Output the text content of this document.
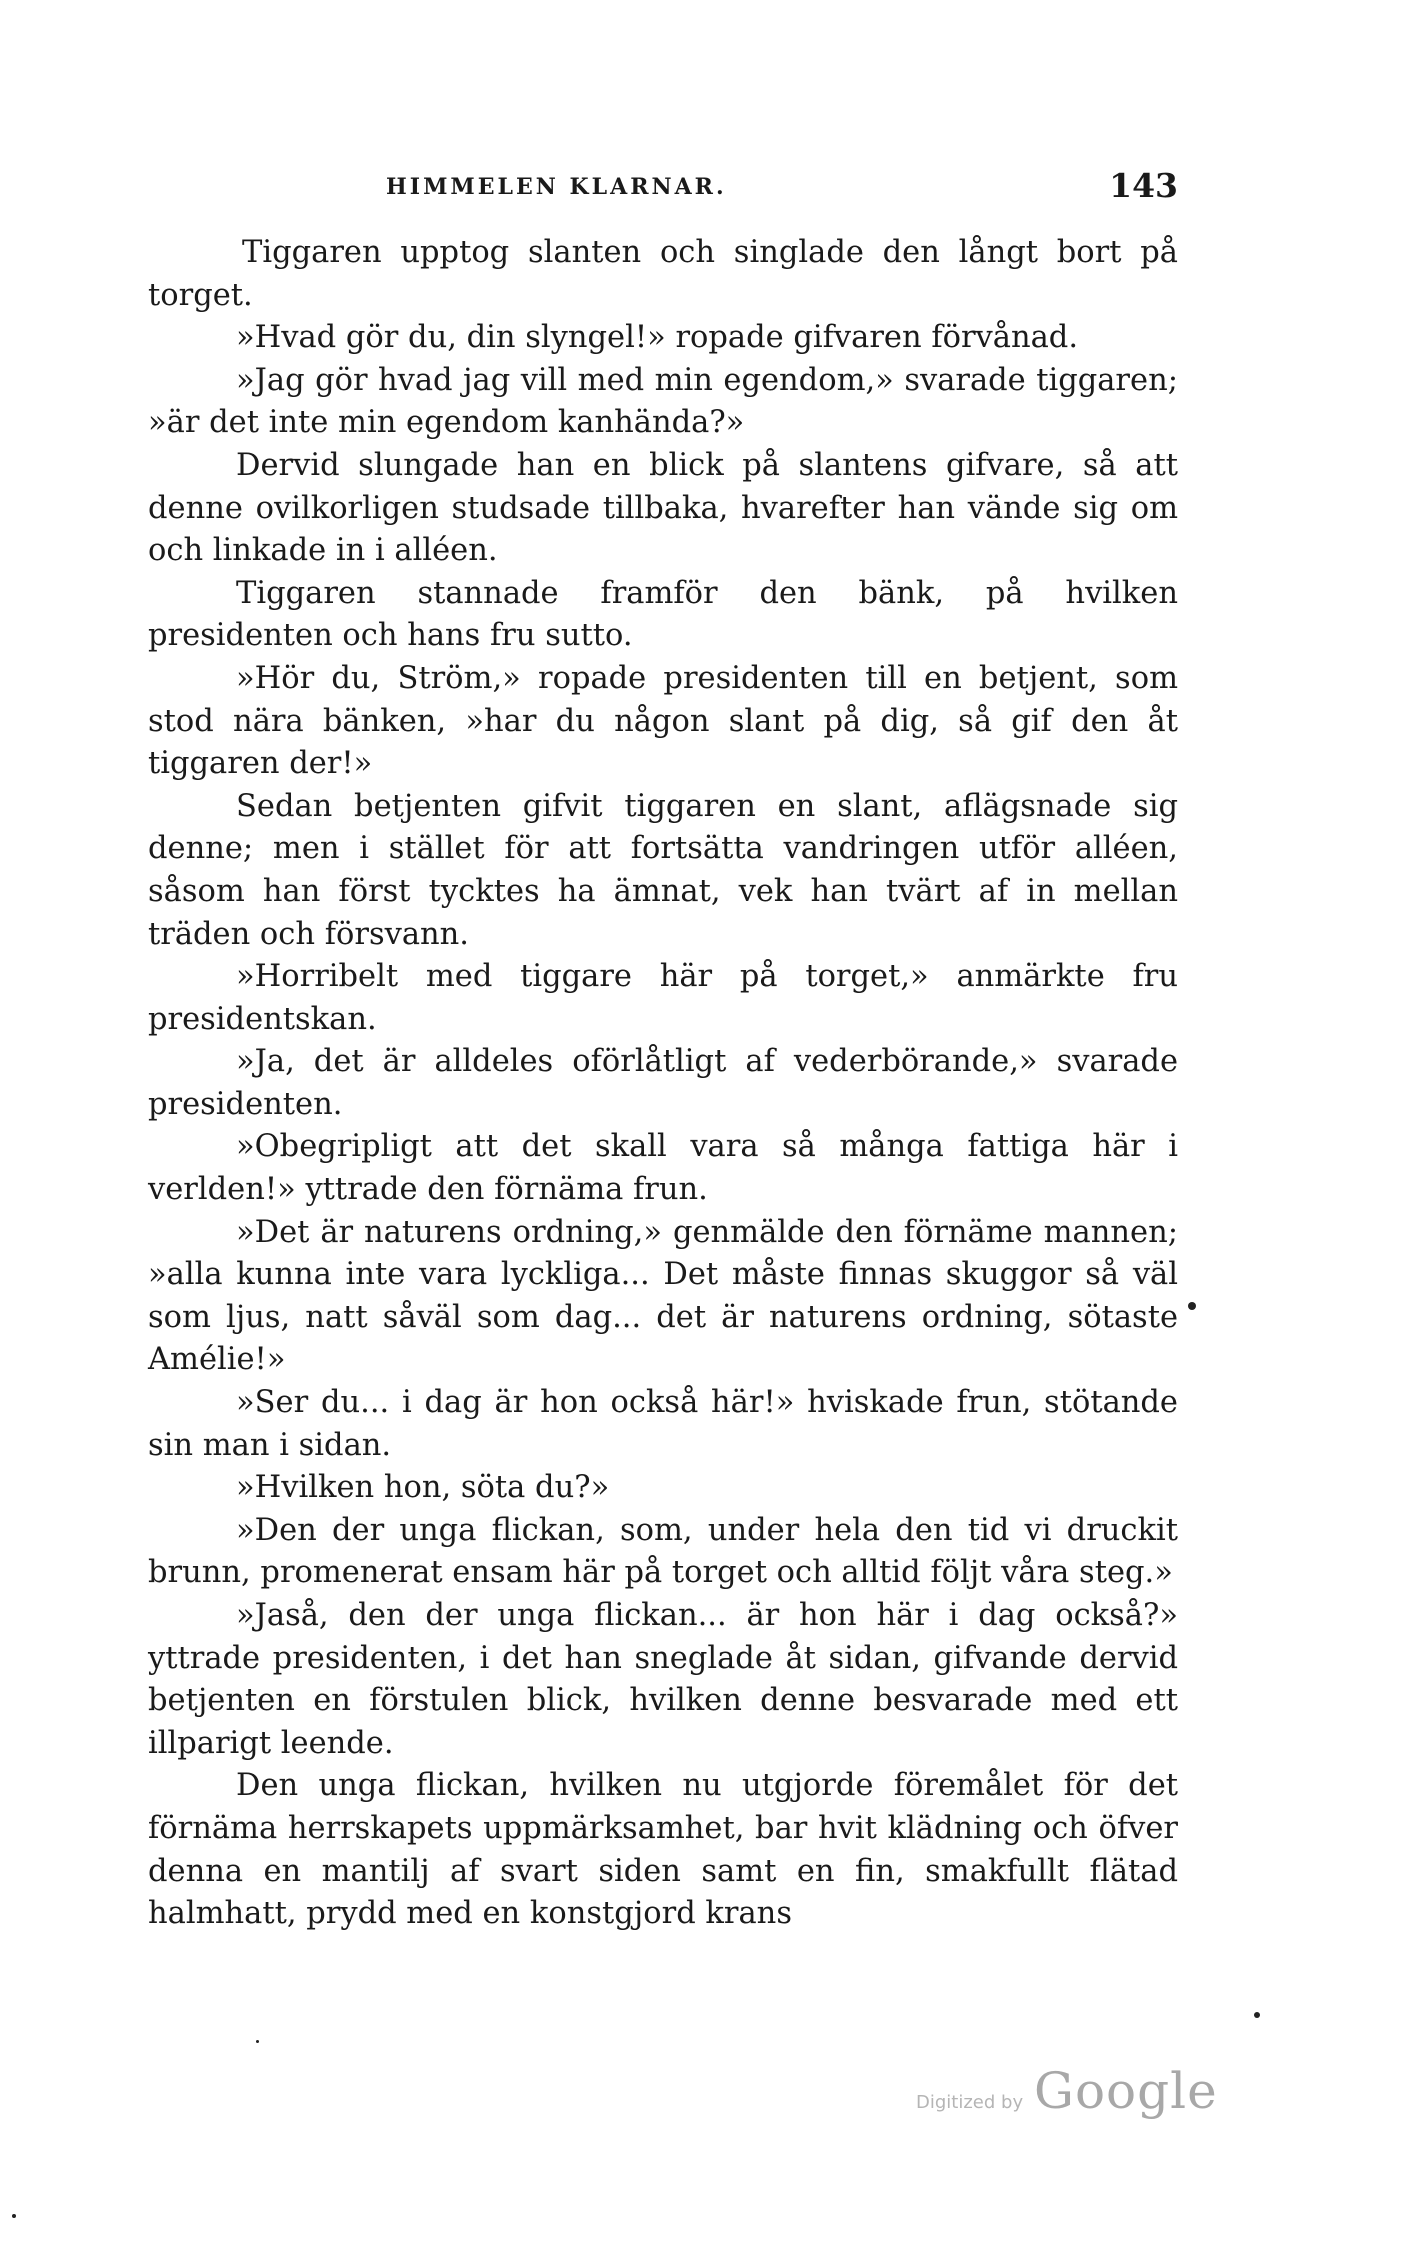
HIMMELEN KLARNAR.	143

Tiggaren upptog slanten och singlade den långt bort på torget.

»Hvad gör du, din slyngel!» ropade gifvaren förvånad.

»Jag gör hvad jag vill med min egendom,» svarade tiggaren; »är det inte min egendom kanhända?»

Dervid slungade han en blick på slantens gifvare, så att denne ovilkorligen studsade tillbaka, hvarefter han vände sig om och linkade in i alléen.

Tiggaren stannade framför den bänk, på hvilken presidenten och hans fru sutto.

»Hör du, Ström,» ropade presidenten till en betjent, som stod nära bänken, »har du någon slant på dig, så gif den åt tiggaren der!»

Sedan betjenten gifvit tiggaren en slant, aflägsnade sig denne; men i stället för att fortsätta vandringen utför alléen, såsom han först tycktes ha ämnat, vek han tvärt af in mellan träden och försvann.

»Horribelt med tiggare här på torget,» anmärkte fru presidentskan.

»Ja, det är alldeles oförlåtligt af vederbörande,» svarade presidenten.

»Obegripligt att det skall vara så många fattiga här i verlden!» yttrade den förnäma frun.

»Det är naturens ordning,» genmälde den förnäme mannen; »alla kunna inte vara lyckliga... Det måste finnas skuggor så väl som ljus, natt såväl som dag... det är naturens ordning, sötaste Amélie!»

»Ser du... i dag är hon också här!» hviskade frun, stötande sin man i sidan.

»Hvilken hon, söta du?»

»Den der unga flickan, som, under hela den tid vi druckit brunn, promenerat ensam här på torget och alltid följt våra steg.»

»Jaså, den der unga flickan... är hon här i dag också?» yttrade presidenten, i det han sneglade åt sidan, gifvande dervid betjenten en förstulen blick, hvilken denne besvarade med ett illparigt leende.

Den unga flickan, hvilken nu utgjorde föremålet för det förnäma herrskapets uppmärksamhet, bar hvit klädning och öfver denna en mantilj af svart siden samt en fin, smakfullt flätad halmhatt, prydd med en konstgjord krans

Digitized by Google
